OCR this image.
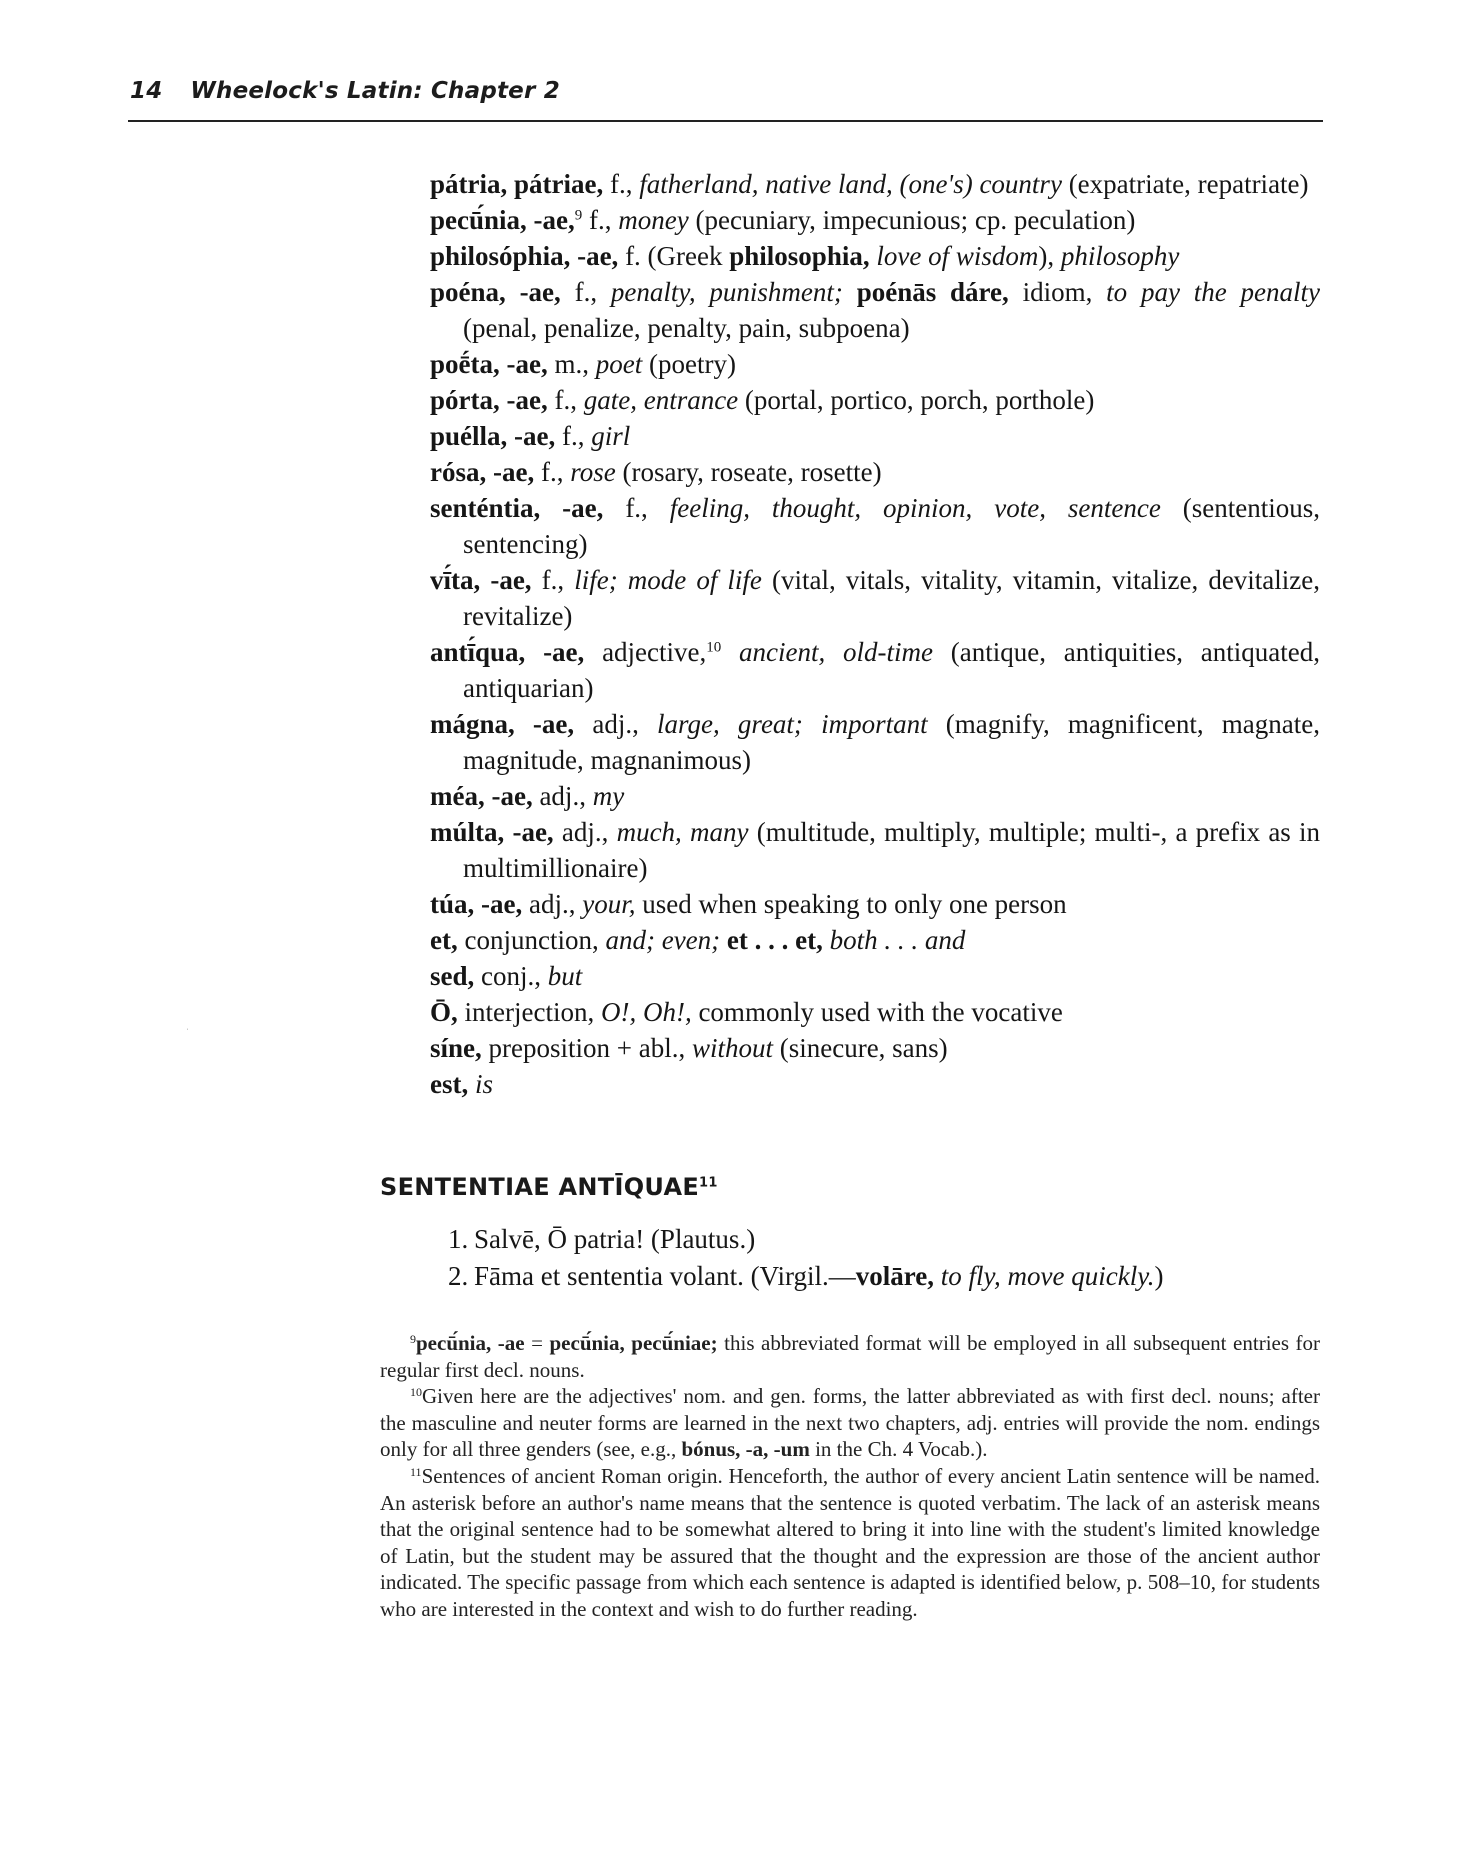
14 Wheelock's Latin: Chapter 2
pátria, pátriae, f., fatherland, native land, (one's) country (expatriate, repatriate)
pecū́nia, -ae,$^9$ f., money (pecuniary, impecunious; cp. peculation)
philosóphia, -ae, f. (Greek philosophia, love of wisdom), philosophy
poéna, -ae, f., penalty, punishment; poénās dáre, idiom, to pay the penalty (penal, penalize, penalty, pain, subpoena)
poḗta, -ae, m., poet (poetry)
pórta, -ae, f., gate, entrance (portal, portico, porch, porthole)
puélla, -ae, f., girl
rósa, -ae, f., rose (rosary, roseate, rosette)
senténtia, -ae, f., feeling, thought, opinion, vote, sentence (sententious, sentencing)
vī́ta, -ae, f., life; mode of life (vital, vitals, vitality, vitamin, vitalize, devitalize, revitalize)
antī́qua, -ae, adjective,$^{10}$ ancient, old-time (antique, antiquities, antiquated, antiquarian)
mágna, -ae, adj., large, great; important (magnify, magnificent, magnate, magnitude, magnanimous)
méa, -ae, adj., my
múlta, -ae, adj., much, many (multitude, multiply, multiple; multi-, a prefix as in multimillionaire)
túa, -ae, adj., your, used when speaking to only one person
et, conjunction, and; even; et . . . et, both . . . and
sed, conj., but
Ō, interjection, O!, Oh!, commonly used with the vocative
síne, preposition + abl., without (sinecure, sans)
est, is
SENTENTIAE ANTĪQUAE$^{11}$
1. Salvē, Ō patria! (Plautus.)
2. Fāma et sententia volant. (Virgil.—volāre, to fly, move quickly.)

$^9$pecū́nia, -ae = pecū́nia, pecū́niae; this abbreviated format will be employed in all subsequent entries for regular first decl. nouns.

$^{10}$Given here are the adjectives' nom. and gen. forms, the latter abbreviated as with first decl. nouns; after the masculine and neuter forms are learned in the next two chapters, adj. entries will provide the nom. endings only for all three genders (see, e.g., bónus, -a, -um in the Ch. 4 Vocab.).

$^{11}$Sentences of ancient Roman origin. Henceforth, the author of every ancient Latin sentence will be named. An asterisk before an author's name means that the sentence is quoted verbatim. The lack of an asterisk means that the original sentence had to be somewhat altered to bring it into line with the student's limited knowledge of Latin, but the student may be assured that the thought and the expression are those of the ancient author indicated. The specific passage from which each sentence is adapted is identified below, p. 508–10, for students who are interested in the context and wish to do further reading.

ˈ
